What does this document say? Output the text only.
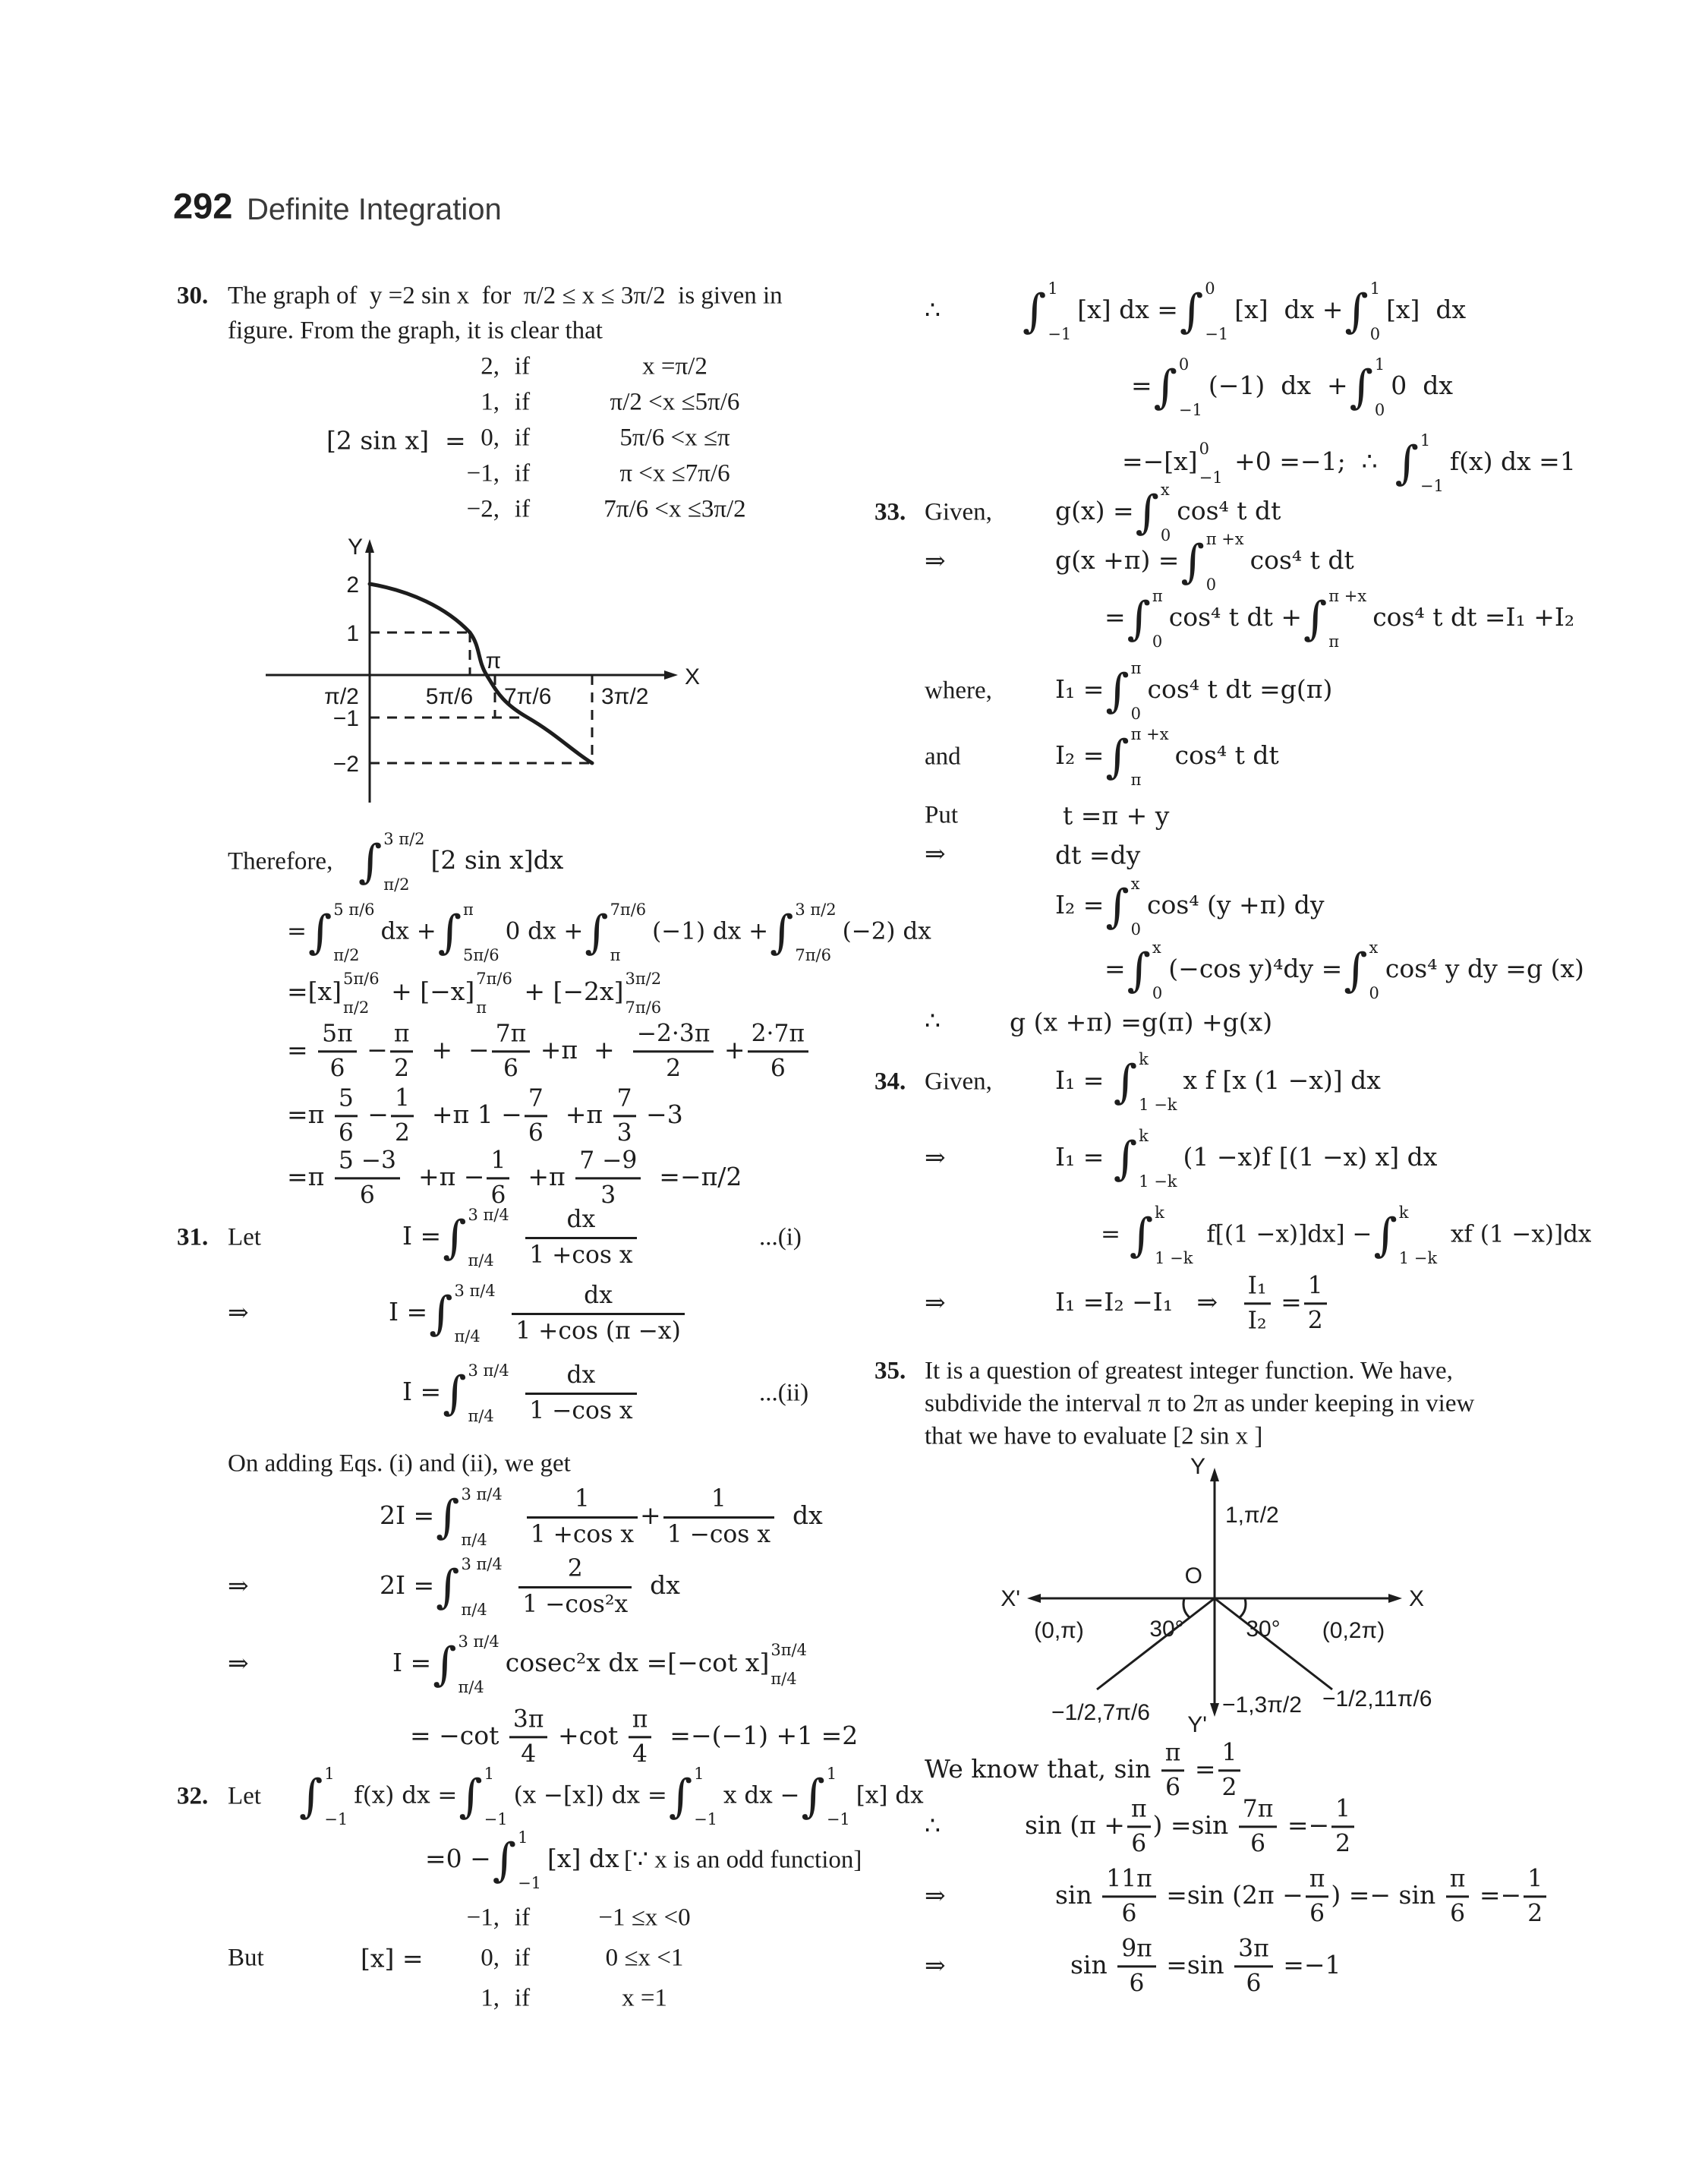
292 Definite Integration
30. The graph of  y =2 sin x  for  π/2 ≤ x ≤ 3π/2  is given in
figure. From the graph, it is clear that
[2 sin x]  =
2, if	x =π/2
1, if	π/2 <x ≤5π/6
0, if	5π/6 <x ≤π
−1, if	π <x ≤7π/6
−2, if	7π/6 <x ≤3π/2
Y
X
2
1
−1
−2
π/2	5π/6
π
7π/6 3π/2
Therefore, ∫ 3 π/2
π/2
[2 sin x]dx
= ∫ 5 π/6
π/2
dx + ∫ π
5π/6
0 dx + ∫ 7π/6
π
(−1) dx + ∫ 3 π/2
7π/6
(−2) dx
=[x] 5π/6
π/2
+ [−x] 7π/6
π
+ [−2x] 3π/2
7π/6
= $\frac{5\pi}{6} - \frac{\pi}{2}$ +  − $\frac{7\pi}{6} +\pi + \frac{-2\cdot 3\pi}{2} + \frac{2\cdot 7\pi}{6}$
$=\pi \frac{5}{6} - \frac{1}{2} +\pi$ $1 - \frac{7}{6} +\pi \frac{7}{3} -3$
$=\pi \frac{5 -3}{6} +\pi - \frac{1}{6} +\pi \frac{7 -9}{3} =-\pi/2$
31. Let	I = ∫ 3 π/4
π/4
	$\frac{dx}{\text{1 +cos x}}$	...(i)
⇒	I = ∫ 3 π/4
π/4
	$\frac{dx}{1 +\cos (\pi -x)}$
I = ∫ 3 π/4
π/4
	$\frac{dx}{\text{1 −cos x}}$	...(ii)
On adding Eqs. (i) and (ii), we get
2I = ∫ 3 π/4
π/4
	$\frac{1}{\text{1 +cos x}} + \frac{1}{\text{1 −cos x}}$ dx
⇒	2I = ∫ 3 π/4
π/4
	$\frac{2}{\text{1 −cos²x}}$ dx
⇒	I = ∫ 3 π/4
π/4
cosec²x dx =[−cot x] 3π/4
π/4
= $-\cot \frac{3\pi}{4} +\cot \frac{\pi}{4} =-(-1) +1 =2$
32. Let ∫ 1
−1
f(x) dx = ∫ 1
−1
(x −[x]) dx = ∫ 1
−1
x dx − ∫ 1
−1
[x] dx
=0 − ∫ 1
−1
[x] dx [∵ x is an odd function]
But	[x] =
−1, if	−1 ≤x <0
0, if	0 ≤x <1
1, if	x =1
∴ ∫ 1
−1
[x] dx = ∫ 0
−1
[x]  dx + ∫ 1
0
[x]  dx
= ∫ 0
−1
(−1)  dx  + ∫ 1
0
0  dx
=−[x] 0
−1
+0 =−1;  ∴ ∫ 1
−1
f(x) dx =1
33. Given,	g(x) = ∫ x
0
cos⁴ t dt
⇒	g(x +π) = ∫ π +x
0
cos⁴ t dt
= ∫ π
0
cos⁴ t dt + ∫ π +x
π
cos⁴ t dt =I₁ +I₂
where,	I₁ = ∫ π
0
cos⁴ t dt =g(π)
and	I₂ = ∫ π +x
π
cos⁴ t dt
Put	t =π + y
⇒	dt =dy
I₂ = ∫ x
0
cos⁴ (y +π) dy
= ∫ x
0
(−cos y)⁴dy = ∫ x
0
cos⁴ y dy =g (x)
∴	g (x +π) =g(π) +g(x)
34. Given,	I₁ = ∫ k
1 −k
x f [x (1 −x)] dx
⇒	I₁ = ∫ k
1 −k
(1 −x)f [(1 −x) x] dx
= ∫ k
1 −k
f[(1 −x)]dx] − ∫ k
1 −k
xf (1 −x)]dx
⇒	I₁ =I₂ −I₁   ⇒ $\frac{\text{I₁}}{\text{I₂}} = \frac{1}{2}$
35. It is a question of greatest integer function. We have,
subdivide the interval π to 2π as under keeping in view
that we have to evaluate [2 sin x ]
Y
Y'
X
X'
O
1,π/2
(0,π)	(0,2π)
30°	30°
−1/2,7π/6	−1,3π/2 −1/2,11π/6
We know that, $\sin \frac{\pi}{6} = \frac{1}{2}$
∴	$\sin (\pi + \frac{\pi}{6}$ ) $=\sin \frac{7\pi}{6} =- \frac{1}{2}$
⇒	$\sin \frac{11\pi}{6} =\sin$ ($2\pi - \frac{\pi}{6}$ ) =− $\sin \frac{\pi}{6} =- \frac{1}{2}$
⇒	$\sin \frac{9\pi}{6} =\sin \frac{3\pi}{6} =-1$
